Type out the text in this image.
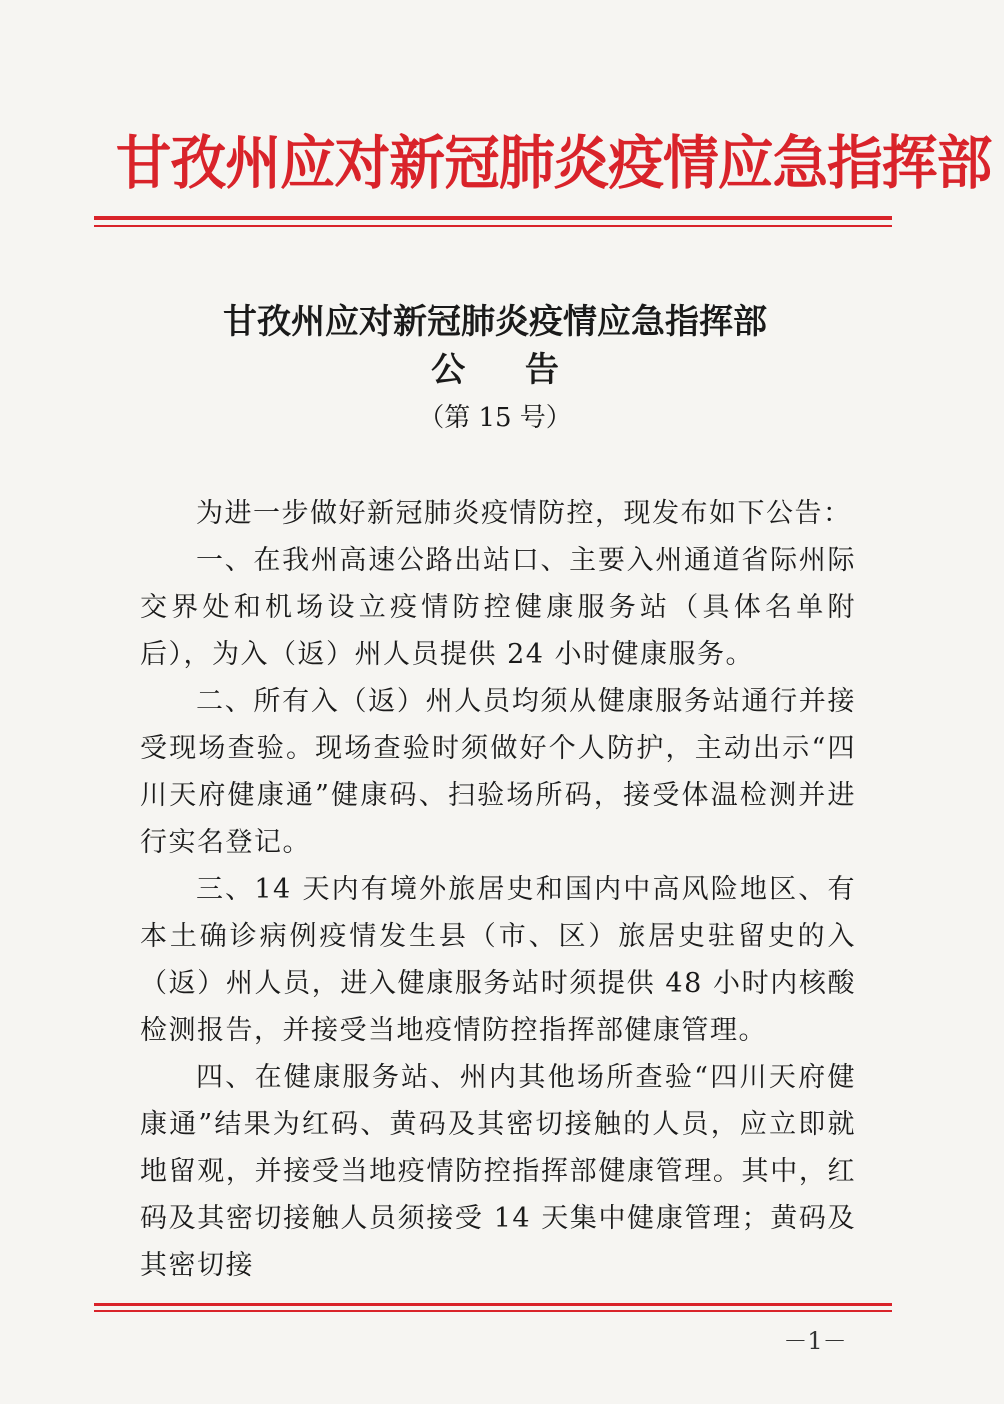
甘孜州应对新冠肺炎疫情应急指挥部
甘孜州应对新冠肺炎疫情应急指挥部
公 告
（第 15 号）

为进一步做好新冠肺炎疫情防控，现发布如下公告：

一、在我州高速公路出站口、主要入州通道省际州际交界处和机场设立疫情防控健康服务站（具体名单附后），为入（返）州人员提供 24 小时健康服务。

二、所有入（返）州人员均须从健康服务站通行并接受现场查验。现场查验时须做好个人防护，主动出示“四川天府健康通”健康码、扫验场所码，接受体温检测并进行实名登记。

三、14 天内有境外旅居史和国内中高风险地区、有本土确诊病例疫情发生县（市、区）旅居史驻留史的入（返）州人员，进入健康服务站时须提供 48 小时内核酸检测报告，并接受当地疫情防控指挥部健康管理。

四、在健康服务站、州内其他场所查验“四川天府健康通”结果为红码、黄码及其密切接触的人员，应立即就地留观，并接受当地疫情防控指挥部健康管理。其中，红码及其密切接触人员须接受 14 天集中健康管理；黄码及其密切接

－1－
